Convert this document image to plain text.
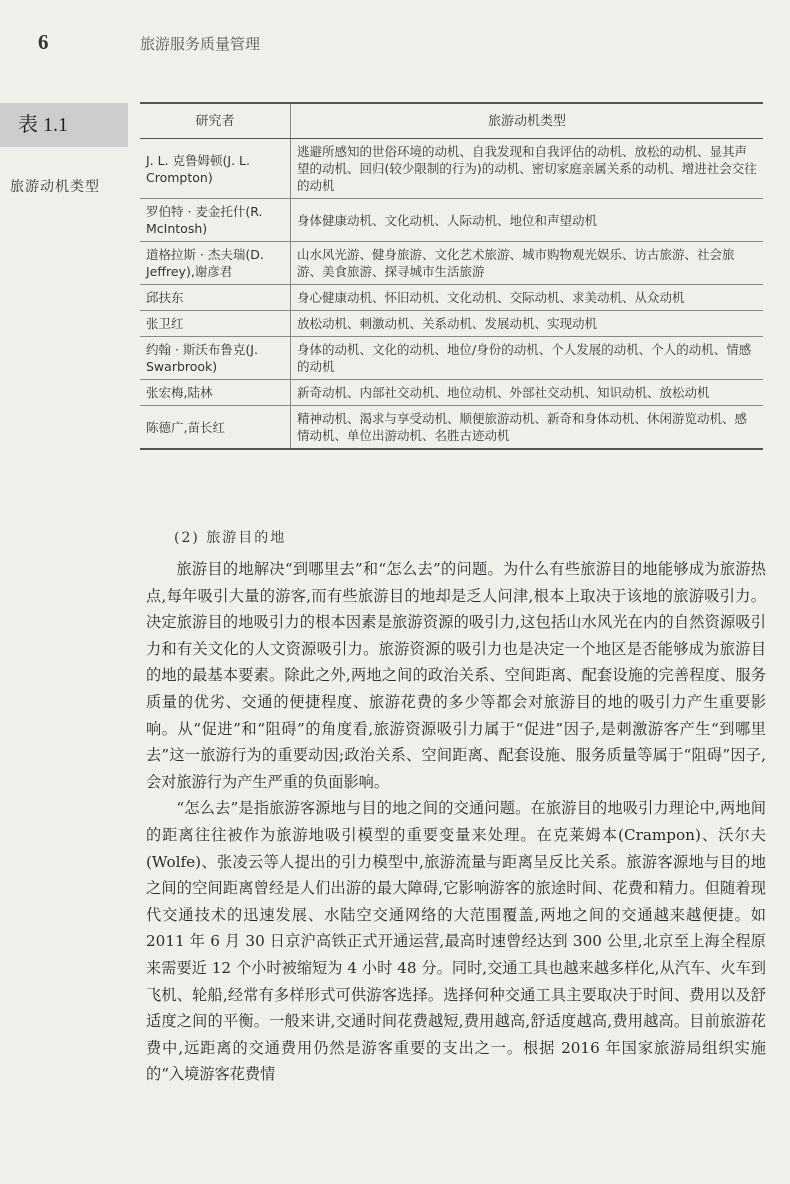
6	旅游服务质量管理
表 1.1
旅游动机类型
研究者	旅游动机类型
J. L. 克鲁姆顿(J. L. Crompton)	逃避所感知的世俗环境的动机、自我发现和自我评估的动机、放松的动机、显其声望的动机、回归(较少限制的行为)的动机、密切家庭亲属关系的动机、增进社会交往的动机
罗伯特 · 麦金托什(R. McIntosh)	身体健康动机、文化动机、人际动机、地位和声望动机
道格拉斯 · 杰夫瑞(D. Jeffrey),谢彦君	山水风光游、健身旅游、文化艺术旅游、城市购物观光娱乐、访古旅游、社会旅游、美食旅游、探寻城市生活旅游
邱扶东	身心健康动机、怀旧动机、文化动机、交际动机、求美动机、从众动机
张卫红	放松动机、刺激动机、关系动机、发展动机、实现动机
约翰 · 斯沃布鲁克(J. Swarbrook)	身体的动机、文化的动机、地位/身份的动机、个人发展的动机、个人的动机、情感的动机
张宏梅,陆林	新奇动机、内部社交动机、地位动机、外部社交动机、知识动机、放松动机
陈德广,苗长红	精神动机、渴求与享受动机、顺便旅游动机、新奇和身体动机、休闲游览动机、感情动机、单位出游动机、名胜古迹动机
(2) 旅游目的地

旅游目的地解决“到哪里去”和“怎么去”的问题。为什么有些旅游目的地能够成为旅游热点,每年吸引大量的游客,而有些旅游目的地却是乏人问津,根本上取决于该地的旅游吸引力。决定旅游目的地吸引力的根本因素是旅游资源的吸引力,这包括山水风光在内的自然资源吸引力和有关文化的人文资源吸引力。旅游资源的吸引力也是决定一个地区是否能够成为旅游目的地的最基本要素。除此之外,两地之间的政治关系、空间距离、配套设施的完善程度、服务质量的优劣、交通的便捷程度、旅游花费的多少等都会对旅游目的地的吸引力产生重要影响。从“促进”和“阻碍”的角度看,旅游资源吸引力属于“促进”因子,是刺激游客产生“到哪里去”这一旅游行为的重要动因;政治关系、空间距离、配套设施、服务质量等属于“阻碍”因子,会对旅游行为产生严重的负面影响。

“怎么去”是指旅游客源地与目的地之间的交通问题。在旅游目的地吸引力理论中,两地间的距离往往被作为旅游地吸引模型的重要变量来处理。在克莱姆本(Crampon)、沃尔夫(Wolfe)、张凌云等人提出的引力模型中,旅游流量与距离呈反比关系。旅游客源地与目的地之间的空间距离曾经是人们出游的最大障碍,它影响游客的旅途时间、花费和精力。但随着现代交通技术的迅速发展、水陆空交通网络的大范围覆盖,两地之间的交通越来越便捷。如 2011 年 6 月 30 日京沪高铁正式开通运营,最高时速曾经达到 300 公里,北京至上海全程原来需要近 12 个小时被缩短为 4 小时 48 分。同时,交通工具也越来越多样化,从汽车、火车到飞机、轮船,经常有多样形式可供游客选择。选择何种交通工具主要取决于时间、费用以及舒适度之间的平衡。一般来讲,交通时间花费越短,费用越高,舒适度越高,费用越高。目前旅游花费中,远距离的交通费用仍然是游客重要的支出之一。根据 2016 年国家旅游局组织实施的“入境游客花费情
